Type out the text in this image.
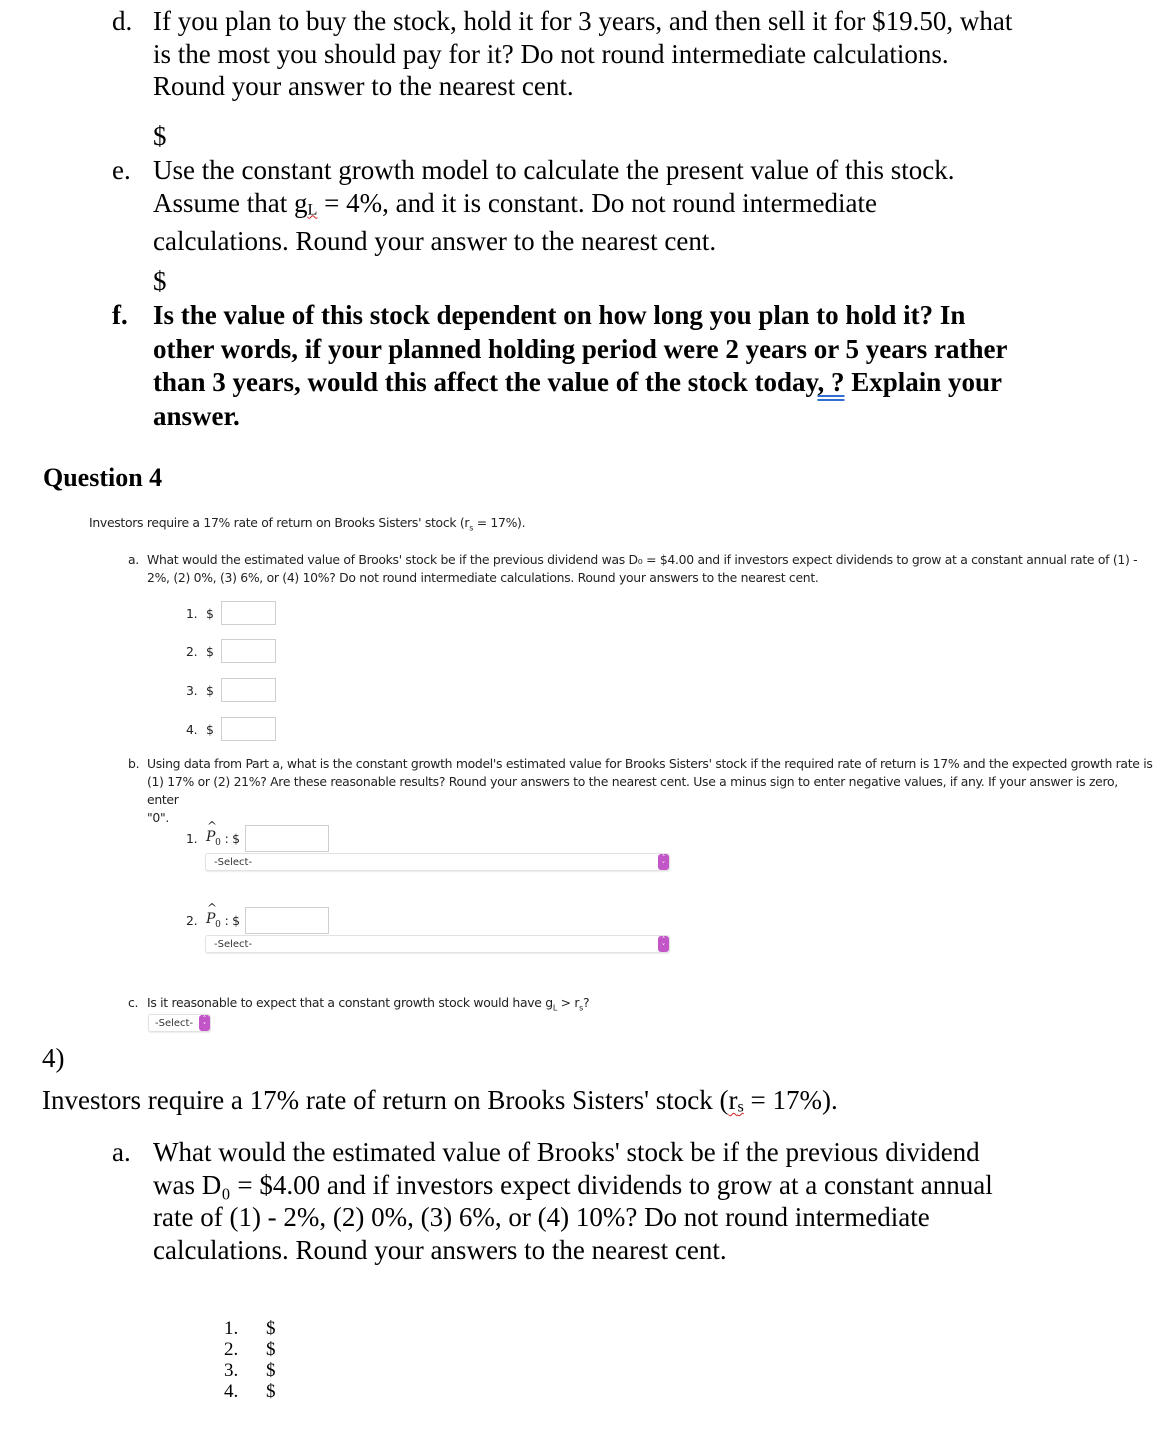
d. If you plan to buy the stock, hold it for 3 years, and then sell it for $19.50, what
is the most you should pay for it? Do not round intermediate calculations.
Round your answer to the nearest cent.
$
e. Use the constant growth model to calculate the present value of this stock.
Assume that $g_L = 4\%$, and it is constant. Do not round intermediate
calculations. Round your answer to the nearest cent.
$
f. Is the value of this stock dependent on how long you plan to hold it? In
other words, if your planned holding period were 2 years or 5 years rather
than 3 years, would this affect the value of the stock today, ? Explain your
answer.
Question 4
Investors require a 17% rate of return on Brooks Sisters' stock $(r_s = 17\%)$.
a. What would the estimated value of Brooks' stock be if the previous dividend was D₀ = $4.00 and if investors expect dividends to grow at a constant annual rate of (1) -
2%, (2) 0%, (3) 6%, or (4) 10%? Do not round intermediate calculations. Round your answers to the nearest cent.
1. $
2. $
3. $
4. $
b. Using data from Part a, what is the constant growth model's estimated value for Brooks Sisters' stock if the required rate of return is 17% and the expected growth rate is
(1) 17% or (2) 21%? Are these reasonable results? Round your answers to the nearest cent. Use a minus sign to enter negative values, if any. If your answer is zero, enter
"0".
1.
^
$P_0$ : $
-Select-	˄
˅
2.
^
$P_0$ : $
-Select-	˄
˅
c. Is it reasonable to expect that a constant growth stock would have $g_L > r_s$?
-Select-	˄
˅
4)
Investors require a 17% rate of return on Brooks Sisters' stock $(r_s = 17\%)$.
a. What would the estimated value of Brooks' stock be if the previous dividend
was D₀ = $4.00 and if investors expect dividends to grow at a constant annual
rate of (1) - 2%, (2) 0%, (3) 6%, or (4) 10%? Do not round intermediate
calculations. Round your answers to the nearest cent.
1.	$
2.	$
3.	$
4.	$
